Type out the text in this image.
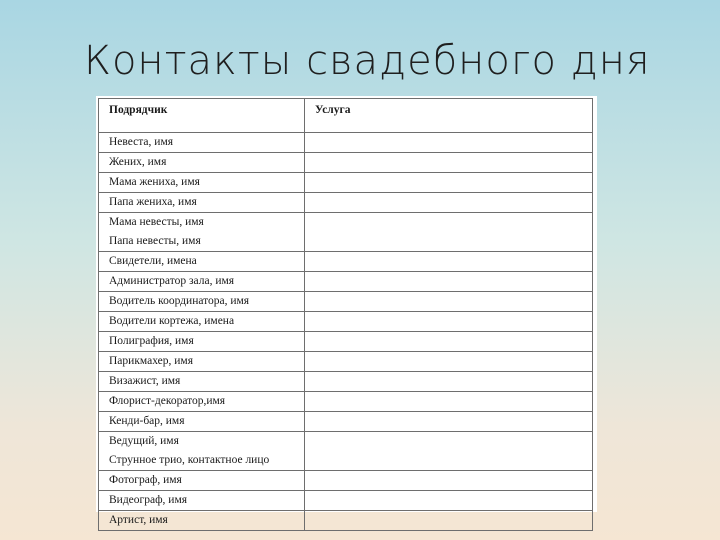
Контакты свадебного дня
Подрядчик	Услуга

Невеста, имя	

Жених, имя	

Мама жениха, имя	

Папа жениха, имя	

Мама невесты, имя
Папа невесты, имя	

Свидетели, имена	

Администратор зала, имя	

Водитель координатора, имя	

Водители кортежа, имена	

Полиграфия, имя	

Парикмахер, имя	

Визажист, имя	

Флорист-декоратор,имя	

Кенди-бар, имя	

Ведущий, имя
Струнное трио, контактное лицо	

Фотограф, имя	

Видеограф, имя	

Артист, имя	
